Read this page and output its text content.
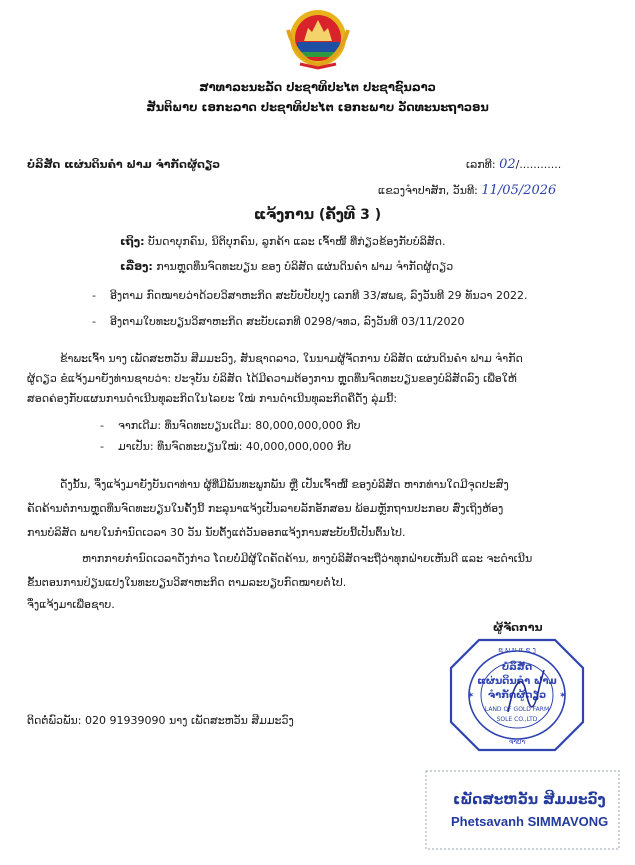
ສາທາລະນະລັດ ປະຊາທິປະໄຕ ປະຊາຊົນລາວ
ສັນຕິພາບ ເອກະລາດ ປະຊາທິປະໄຕ ເອກະພາບ ວັດທະນະຖາວອນ
ບໍລິສັດ ແຜ່ນດິນຄຳ ຟາມ ຈຳກັດຜູ້ດຽວ	ເລກທີ: 02/............
ແຂວງຈຳປາສັກ, ວັນທີ: 11/05/2026
ແຈ້ງການ (ຄັ້ງທີ 3 )
ເຖິງ: ບັນດາບຸກຄົນ, ນິຕິບຸກຄົນ, ລູກຄ້າ ແລະ ເຈົ້າໜີ້ ທີ່ກ່ຽວຂ້ອງກັບບໍລິສັດ.
ເລື່ອງ: ການຫຼຸດທຶນຈົດທະບຽນ ຂອງ ບໍລິສັດ ແຜ່ນດິນຄຳ ຟາມ ຈຳກັດຜູ້ດຽວ
-    ອີງຕາມ ກົດໝາຍວ່າດ້ວຍວິສາຫະກິດ ສະບັບປັບປຸງ ເລກທີ 33/ສພຊ, ລົງວັນທີ 29 ທັນວາ 2022.
-    ອີງຕາມໃບທະບຽນວິສາຫະກິດ ສະບັບເລກທີ 0298/ຈທວ, ລົງວັນທີ 03/11/2020
ຂ້າພະເຈົ້າ ນາງ ເພັດສະຫວັນ ສີມມະວົງ, ສັນຊາດລາວ, ໃນນາມຜູ້ຈັດການ ບໍລິສັດ ແຜ່ນດິນຄຳ ຟາມ ຈຳກັດ
ຜູ້ດຽວ ຂໍແຈ້ງມາຍັງທ່ານຊາບວ່າ: ປະຈຸບັນ ບໍລິສັດ ໄດ້ມີຄວາມຕ້ອງການ ຫຼຸດທຶນຈົດທະບຽນຂອງບໍລິສັດລົງ ເພື່ອໃຫ້
ສອດຄ່ອງກັບແຜນການດຳເນີນທຸລະກິດໃນໄລຍະ ໃໝ່ ການດຳເນີນທຸລະກິດຄືດັ່ງ ລຸ່ມນີ້:
-    ຈາກເດີມ: ທຶນຈົດທະບຽນເດີມ: 80,000,000,000 ກີບ
-    ມາເປັນ: ທຶນຈົດທະບຽນໃໝ່: 40,000,000,000 ກີບ
ດັ່ງນັ້ນ, ຈຶ່ງແຈ້ງມາຍັງບັນດາທ່ານ ຜູ້ທີ່ມີພັນທະພູກພັນ ຫຼື ເປັນເຈົ້າໜີ້ ຂອງບໍລິສັດ ຫາກທ່ານໃດມີຈຸດປະສົງ
ຄັດຄ້ານຕໍ່ການຫຼຸດທຶນຈົດທະບຽນໃນຄັ້ງນີ້ ກະລຸນາແຈ້ງເປັນລາຍລັກອັກສອນ ພ້ອມຫຼັກຖານປະກອບ ສົ່ງເຖິງຫ້ອງ
ການບໍລິສັດ ພາຍໃນກຳນົດເວລາ 30 ວັນ ນັບຕັ້ງແຕ່ວັນອອກແຈ້ງການສະບັບນີ້ເປັນຕົ້ນໄປ.
ຫາກກາຍກຳນົດເວລາດັ່ງກ່າວ ໂດຍບໍ່ມີຜູ້ໃດຄັດຄ້ານ, ທາງບໍລິສັດຈະຖືວ່າທຸກຝ່າຍເຫັນດີ ແລະ ຈະດຳເນີນ
ຂັ້ນຕອນການປ່ຽນແປງໃນທະບຽນວິສາຫະກິດ ຕາມລະບຽບກົດໝາຍຕໍ່ໄປ.
ຈຶ່ງແຈ້ງມາເພື່ອຊາບ.
ຜູ້ຈັດການ
✶	✶
ຊ ພ ບ ແ ຂ ງ
ບໍລິສັດ
ແຜ່ນດິນຄຳ ຟາມ
ຈຳກັດຜູ້ດຽວ
LAND OF GOLD FARM
SOLE CO.,LTD
ຈຳປາ
ຕິດຕໍ່ພົວພັນ: 020 91939090 ນາງ ເພັດສະຫວັນ ສີມມະວົງ
ເພັດສະຫວັນ ສີມມະວົງ
Phetsavanh SIMMAVONG
